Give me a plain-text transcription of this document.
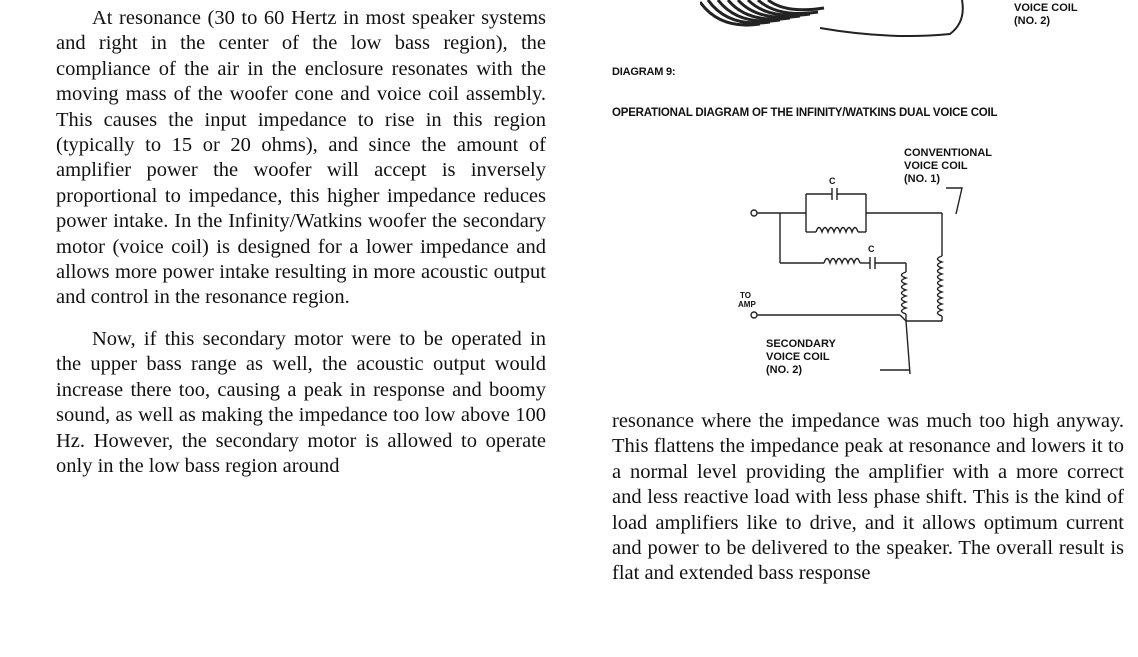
At resonance (30 to 60 Hertz in most speaker systems and right in the center of the low bass region), the compliance of the air in the enclosure resonates with the moving mass of the woofer cone and voice coil assembly. This causes the input impedance to rise in this region (typically to 15 or 20 ohms), and since the amount of amplifier power the woofer will accept is inversely proportional to impedance, this higher impedance reduces power intake. In the Infinity/Watkins woofer the secondary motor (voice coil) is designed for a lower impedance and allows more power intake resulting in more acoustic output and control in the resonance region.

Now, if this secondary motor were to be operated in the upper bass range as well, the acoustic output would increase there too, causing a peak in response and boomy sound, as well as making the impedance too low above 100 Hz. However, the secondary motor is allowed to operate only in the low bass region around

VOICE COIL
(NO. 2)
DIAGRAM 9:
OPERATIONAL DIAGRAM OF THE INFINITY/WATKINS DUAL VOICE COIL
C
C
CONVENTIONAL
VOICE COIL
(NO. 1)
TO
AMP
SECONDARY
VOICE COIL
(NO. 2)

resonance where the impedance was much too high anyway. This flattens the impedance peak at resonance and lowers it to a normal level providing the amplifier with a more correct and less reactive load with less phase shift. This is the kind of load amplifiers like to drive, and it allows optimum current and power to be delivered to the speaker. The overall result is flat and extended bass response
